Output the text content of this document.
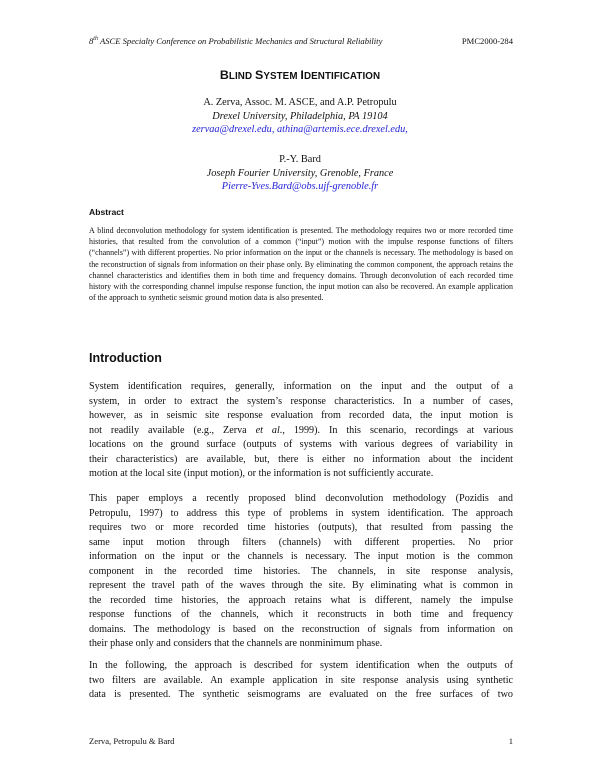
8th ASCE Specialty Conference on Probabilistic Mechanics and Structural Reliability	PMC2000-284
BLIND SYSTEM IDENTIFICATION
A. Zerva, Assoc. M. ASCE, and A.P. Petropulu
Drexel University, Philadelphia, PA 19104
zervaa@drexel.edu, athina@artemis.ece.drexel.edu,
P.-Y. Bard
Joseph Fourier University, Grenoble, France
Pierre-Yves.Bard@obs.ujf-grenoble.fr
Abstract
A blind deconvolution methodology for system identification is presented. The methodology requires two or more recorded time histories, that resulted from the convolution of a common (“input”) motion with the impulse response functions of filters (“channels”) with different properties. No prior information on the input or the channels is necessary. The methodology is based on the reconstruction of signals from information on their phase only. By eliminating the common component, the approach retains the channel characteristics and identifies them in both time and frequency domains. Through deconvolution of each recorded time history with the corresponding channel impulse response function, the input motion can also be recovered. An example application of the approach to synthetic seismic ground motion data is also presented.
Introduction
System identification requires, generally, information on the input and the output of a
system, in order to extract the system’s response characteristics. In a number of cases,
however, as in seismic site response evaluation from recorded data, the input motion is
not readily available (e.g., Zerva et al., 1999). In this scenario, recordings at various
locations on the ground surface (outputs of systems with various degrees of variability in
their characteristics) are available, but, there is either no information about the incident
motion at the local site (input motion), or the information is not sufficiently accurate.
This paper employs a recently proposed blind deconvolution methodology (Pozidis and
Petropulu, 1997) to address this type of problems in system identification. The approach
requires two or more recorded time histories (outputs), that resulted from passing the
same input motion through filters (channels) with different properties. No prior
information on the input or the channels is necessary. The input motion is the common
component in the recorded time histories. The channels, in site response analysis,
represent the travel path of the waves through the site. By eliminating what is common in
the recorded time histories, the approach retains what is different, namely the impulse
response functions of the channels, which it reconstructs in both time and frequency
domains. The methodology is based on the reconstruction of signals from information on
their phase only and considers that the channels are nonminimum phase.
In the following, the approach is described for system identification when the outputs of
two filters are available. An example application in site response analysis using synthetic
data is presented. The synthetic seismograms are evaluated on the free surfaces of two
Zerva, Petropulu & Bard	1
